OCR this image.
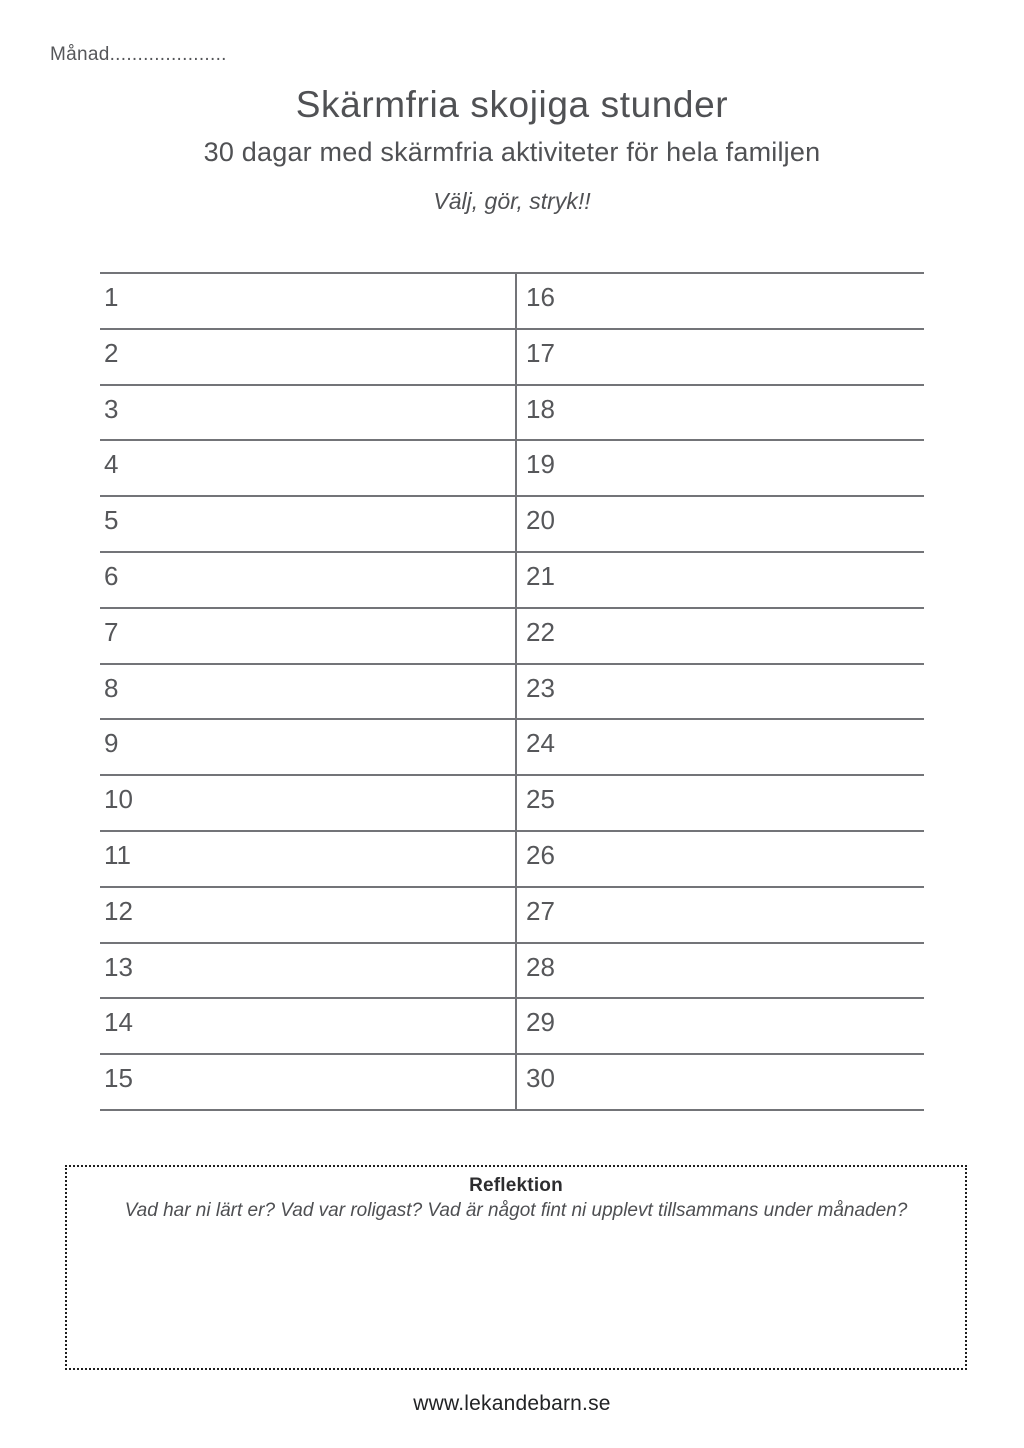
Månad.....................
Skärmfria skojiga stunder
30 dagar med skärmfria aktiviteter för hela familjen
Välj, gör, stryk!!
1	16
2	17
3	18
4	19
5	20
6	21
7	22
8	23
9	24
10	25
11	26
12	27
13	28
14	29
15	30
Reflektion
Vad har ni lärt er? Vad var roligast? Vad är något fint ni upplevt tillsammans under månaden?
www.lekandebarn.se
